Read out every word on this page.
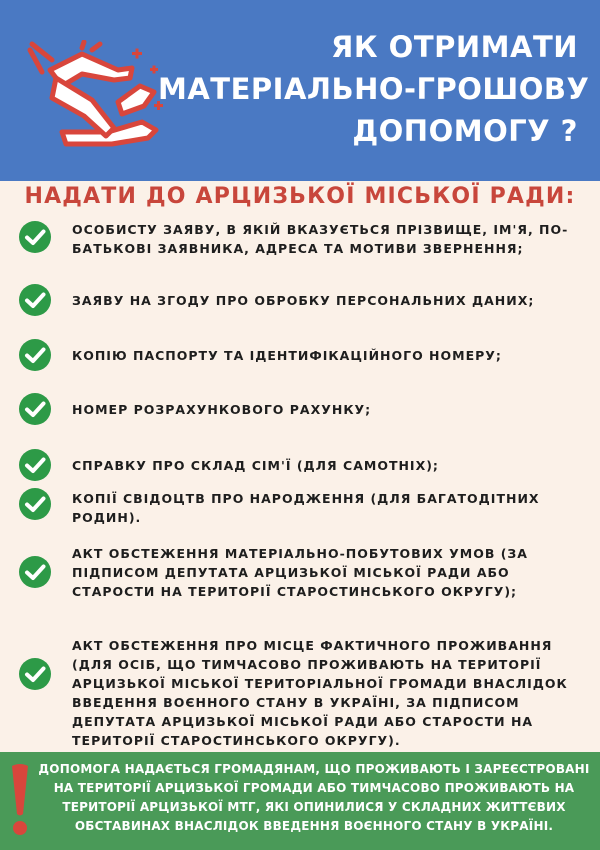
ЯК ОТРИМАТИ
МАТЕРІАЛЬНО-ГРОШОВУ
ДОПОМОГУ ?
НАДАТИ ДО АРЦИЗЬКОЇ МІСЬКОЇ РАДИ:
ОСОБИСТУ ЗАЯВУ, В ЯКІЙ ВКАЗУЄТЬСЯ ПРІЗВИЩЕ, ІМ'Я, ПО-БАТЬКОВІ ЗАЯВНИКА, АДРЕСА ТА МОТИВИ ЗВЕРНЕННЯ;
ЗАЯВУ НА ЗГОДУ ПРО ОБРОБКУ ПЕРСОНАЛЬНИХ ДАНИХ;
КОПІЮ ПАСПОРТУ ТА ІДЕНТИФІКАЦІЙНОГО НОМЕРУ;
НОМЕР РОЗРАХУНКОВОГО РАХУНКУ;
СПРАВКУ ПРО СКЛАД СІМ'Ї (ДЛЯ САМОТНІХ);
КОПІЇ СВІДОЦТВ ПРО НАРОДЖЕННЯ (ДЛЯ БАГАТОДІТНИХ РОДИН).
АКТ ОБСТЕЖЕННЯ МАТЕРІАЛЬНО-ПОБУТОВИХ УМОВ (ЗА ПІДПИСОМ ДЕПУТАТА АРЦИЗЬКОЇ МІСЬКОЇ РАДИ АБО СТАРОСТИ НА ТЕРИТОРІЇ СТАРОСТИНСЬКОГО ОКРУГУ);
АКТ ОБСТЕЖЕННЯ ПРО МІСЦЕ ФАКТИЧНОГО ПРОЖИВАННЯ (ДЛЯ ОСІБ, ЩО ТИМЧАСОВО ПРОЖИВАЮТЬ НА ТЕРИТОРІЇ АРЦИЗЬКОЇ МІСЬКОЇ ТЕРИТОРІАЛЬНОЇ ГРОМАДИ ВНАСЛІДОК ВВЕДЕННЯ ВОЄННОГО СТАНУ В УКРАЇНІ, ЗА ПІДПИСОМ ДЕПУТАТА АРЦИЗЬКОЇ МІСЬКОЇ РАДИ АБО СТАРОСТИ НА ТЕРИТОРІЇ СТАРОСТИНСЬКОГО ОКРУГУ).
ДОПОМОГА НАДАЄТЬСЯ ГРОМАДЯНАМ, ЩО ПРОЖИВАЮТЬ І ЗАРЕЄСТРОВАНІ НА ТЕРИТОРІЇ АРЦИЗЬКОЇ ГРОМАДИ АБО ТИМЧАСОВО ПРОЖИВАЮТЬ НА ТЕРИТОРІЇ АРЦИЗЬКОЇ МТГ, ЯКІ ОПИНИЛИСЯ У СКЛАДНИХ ЖИТТЄВИХ ОБСТАВИНАХ ВНАСЛІДОК ВВЕДЕННЯ ВОЄННОГО СТАНУ В УКРАЇНІ.
